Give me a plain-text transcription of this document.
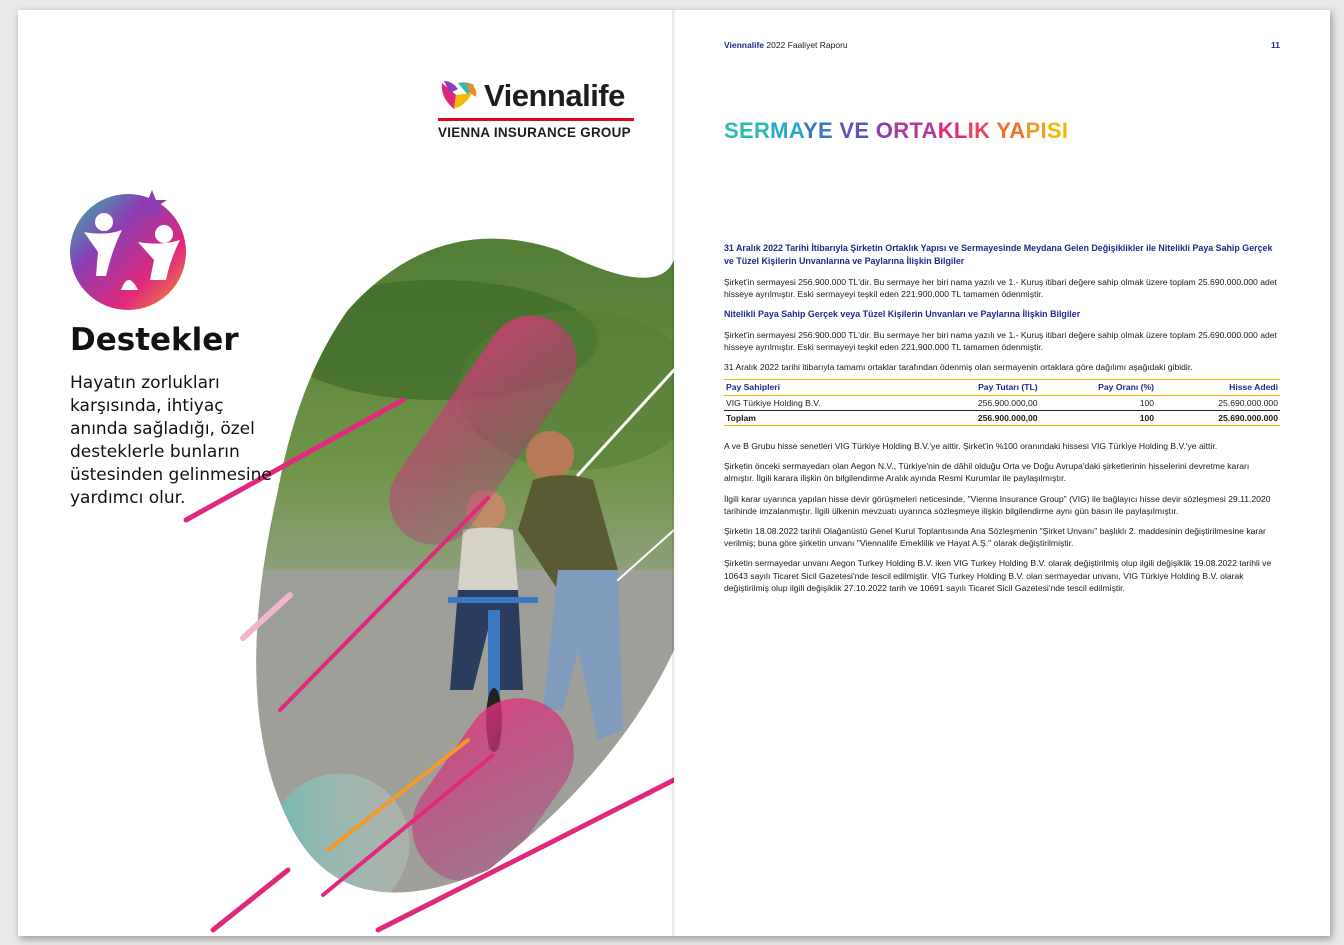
Viennalife
VIENNA INSURANCE GROUP
Destekler
Hayatın zorlukları karşısında, ihtiyaç anında sağladığı, özel desteklerle bunların üstesinden gelinmesine yardımcı olur.
Viennalife 2022 Faaliyet Raporu	11
SERMAYE VE ORTAKLIK YAPISI
31 Aralık 2022 Tarihi İtibarıyla Şirketin Ortaklık Yapısı ve Sermayesinde Meydana Gelen Değişiklikler ile Nitelikli Paya Sahip Gerçek ve Tüzel Kişilerin Unvanlarına ve Paylarına İlişkin Bilgiler

Şirket'in sermayesi 256.900.000 TL'dir. Bu sermaye her biri nama yazılı ve 1.- Kuruş itibari değere sahip olmak üzere toplam 25.690.000.000 adet hisseye ayrılmıştır. Eski sermayeyi teşkil eden 221.900.000 TL tamamen ödenmiştir.

Nitelikli Paya Sahip Gerçek veya Tüzel Kişilerin Unvanları ve Paylarına İlişkin Bilgiler

Şirket'in sermayesi 256.900.000 TL'dir. Bu sermaye her biri nama yazılı ve 1.- Kuruş itibari değere sahip olmak üzere toplam 25.690.000.000 adet hisseye ayrılmıştır. Eski sermayeyi teşkil eden 221.900.000 TL tamamen ödenmiştir.

31 Aralık 2022 tarihi itibarıyla tamamı ortaklar tarafından ödenmiş olan sermayenin ortaklara göre dağılımı aşağıdaki gibidir.

Pay Sahipleri	Pay Tutarı (TL)	Pay Oranı (%)	Hisse Adedi
VIG Türkiye Holding B.V.	256.900.000,00	100	25.690.000.000
Toplam	256.900.000,00	100	25.690.000.000

A ve B Grubu hisse senetleri VIG Türkiye Holding B.V.'ye aittir. Şirket'in %100 oranındaki hissesi VIG Türkiye Holding B.V.'ye aittir.

Şirketin önceki sermayedarı olan Aegon N.V., Türkiye'nin de dâhil olduğu Orta ve Doğu Avrupa'daki şirketlerinin hisselerini devretme kararı almıştır. İlgili karara ilişkin ön bilgilendirme Aralık ayında Resmi Kurumlar ile paylaşılmıştır.

İlgili karar uyarınca yapılan hisse devir görüşmeleri neticesinde, "Vienna Insurance Group" (VIG) ile bağlayıcı hisse devir sözleşmesi 29.11.2020 tarihinde imzalanmıştır. İlgili ülkenin mevzuatı uyarınca sözleşmeye ilişkin bilgilendirme aynı gün basın ile paylaşılmıştır.

Şirketin 18.08.2022 tarihli Olağanüstü Genel Kurul Toplantısında Ana Sözleşmenin "Şirket Unvanı" başlıklı 2. maddesinin değiştirilmesine karar verilmiş; buna göre şirketin unvanı "Viennalife Emeklilik ve Hayat A.Ş." olarak değiştirilmiştir.

Şirketin sermayedar unvanı Aegon Turkey Holding B.V. iken VIG Turkey Holding B.V. olarak değiştirilmiş olup ilgili değişiklik 19.08.2022 tarihli ve 10643 sayılı Ticaret Sicil Gazetesi'nde tescil edilmiştir. VIG Turkey Holding B.V. olan sermayedar unvanı, VIG Türkiye Holding B.V. olarak değiştirilmiş olup ilgili değişiklik 27.10.2022 tarih ve 10691 sayılı Ticaret Sicil Gazetesi'nde tescil edilmiştir.
